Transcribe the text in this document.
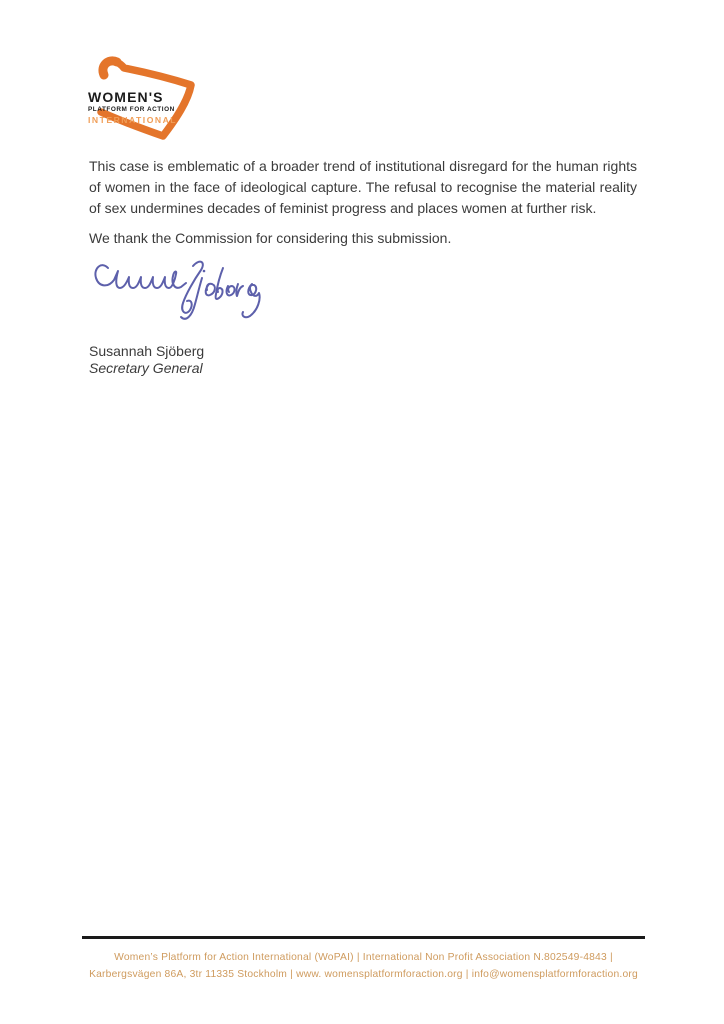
WOMEN'S
PLATFORM FOR ACTION
INTERNATIONAL

This case is emblematic of a broader trend of institutional disregard for the human rights of women in the face of ideological capture. The refusal to recognise the material reality of sex undermines decades of feminist progress and places women at further risk.

We thank the Commission for considering this submission.

Susannah Sjöberg
Secretary General
Women’s Platform for Action International (WoPAI) | International Non Profit Association N.802549-4843 |
Karbergsvägen 86A, 3tr 11335 Stockholm | www. womensplatformforaction.org | info@womensplatformforaction.org
